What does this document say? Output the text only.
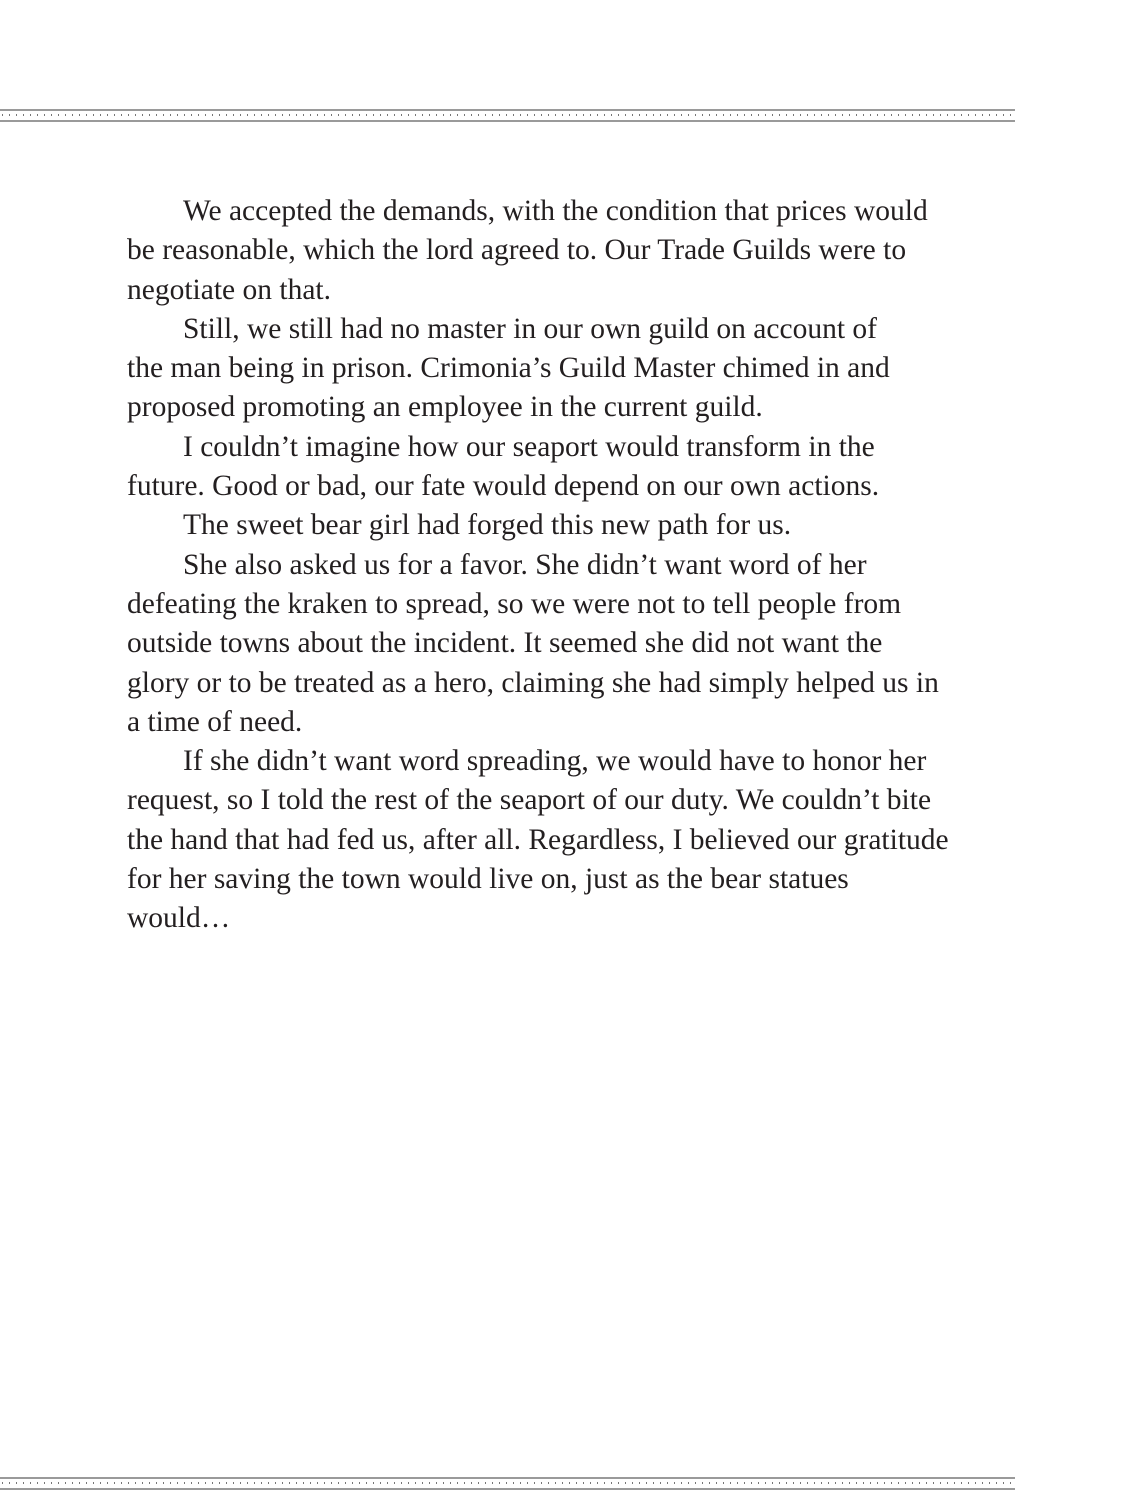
We accepted the demands, with the condition that prices would
be reasonable, which the lord agreed to. Our Trade Guilds were to
negotiate on that.
Still, we still had no master in our own guild on account of
the man being in prison. Crimonia’s Guild Master chimed in and
proposed promoting an employee in the current guild.
I couldn’t imagine how our seaport would transform in the
future. Good or bad, our fate would depend on our own actions.
The sweet bear girl had forged this new path for us.
She also asked us for a favor. She didn’t want word of her
defeating the kraken to spread, so we were not to tell people from
outside towns about the incident. It seemed she did not want the
glory or to be treated as a hero, claiming she had simply helped us in
a time of need.
If she didn’t want word spreading, we would have to honor her
request, so I told the rest of the seaport of our duty. We couldn’t bite
the hand that had fed us, after all. Regardless, I believed our gratitude
for her saving the town would live on, just as the bear statues
would…
